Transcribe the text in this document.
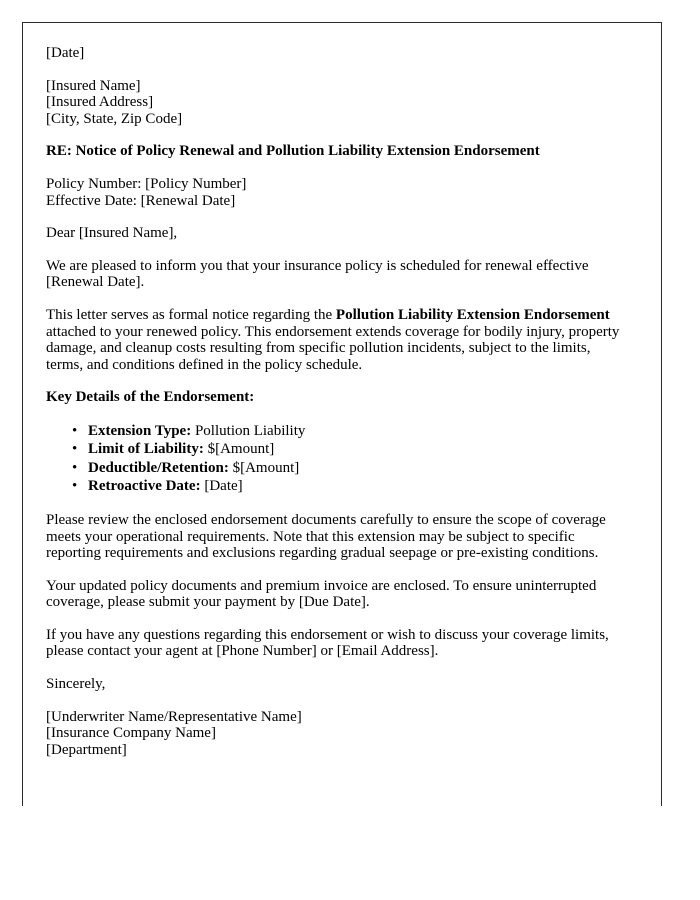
[Date]
[Insured Name]
[Insured Address]
[City, State, Zip Code]
RE: Notice of Policy Renewal and Pollution Liability Extension Endorsement
Policy Number: [Policy Number]
Effective Date: [Renewal Date]

Dear [Insured Name],

We are pleased to inform you that your insurance policy is scheduled for renewal effective [Renewal Date].

This letter serves as formal notice regarding the Pollution Liability Extension Endorsement attached to your renewed policy. This endorsement extends coverage for bodily injury, property damage, and cleanup costs resulting from specific pollution incidents, subject to the limits, terms, and conditions defined in the policy schedule.

Key Details of the Endorsement:
• Extension Type: Pollution Liability
• Limit of Liability: $[Amount]
• Deductible/Retention: $[Amount]
• Retroactive Date: [Date]

Please review the enclosed endorsement documents carefully to ensure the scope of coverage meets your operational requirements. Note that this extension may be subject to specific reporting requirements and exclusions regarding gradual seepage or pre-existing conditions.

Your updated policy documents and premium invoice are enclosed. To ensure uninterrupted coverage, please submit your payment by [Due Date].

If you have any questions regarding this endorsement or wish to discuss your coverage limits, please contact your agent at [Phone Number] or [Email Address].

Sincerely,

[Underwriter Name/Representative Name]
[Insurance Company Name]
[Department]
